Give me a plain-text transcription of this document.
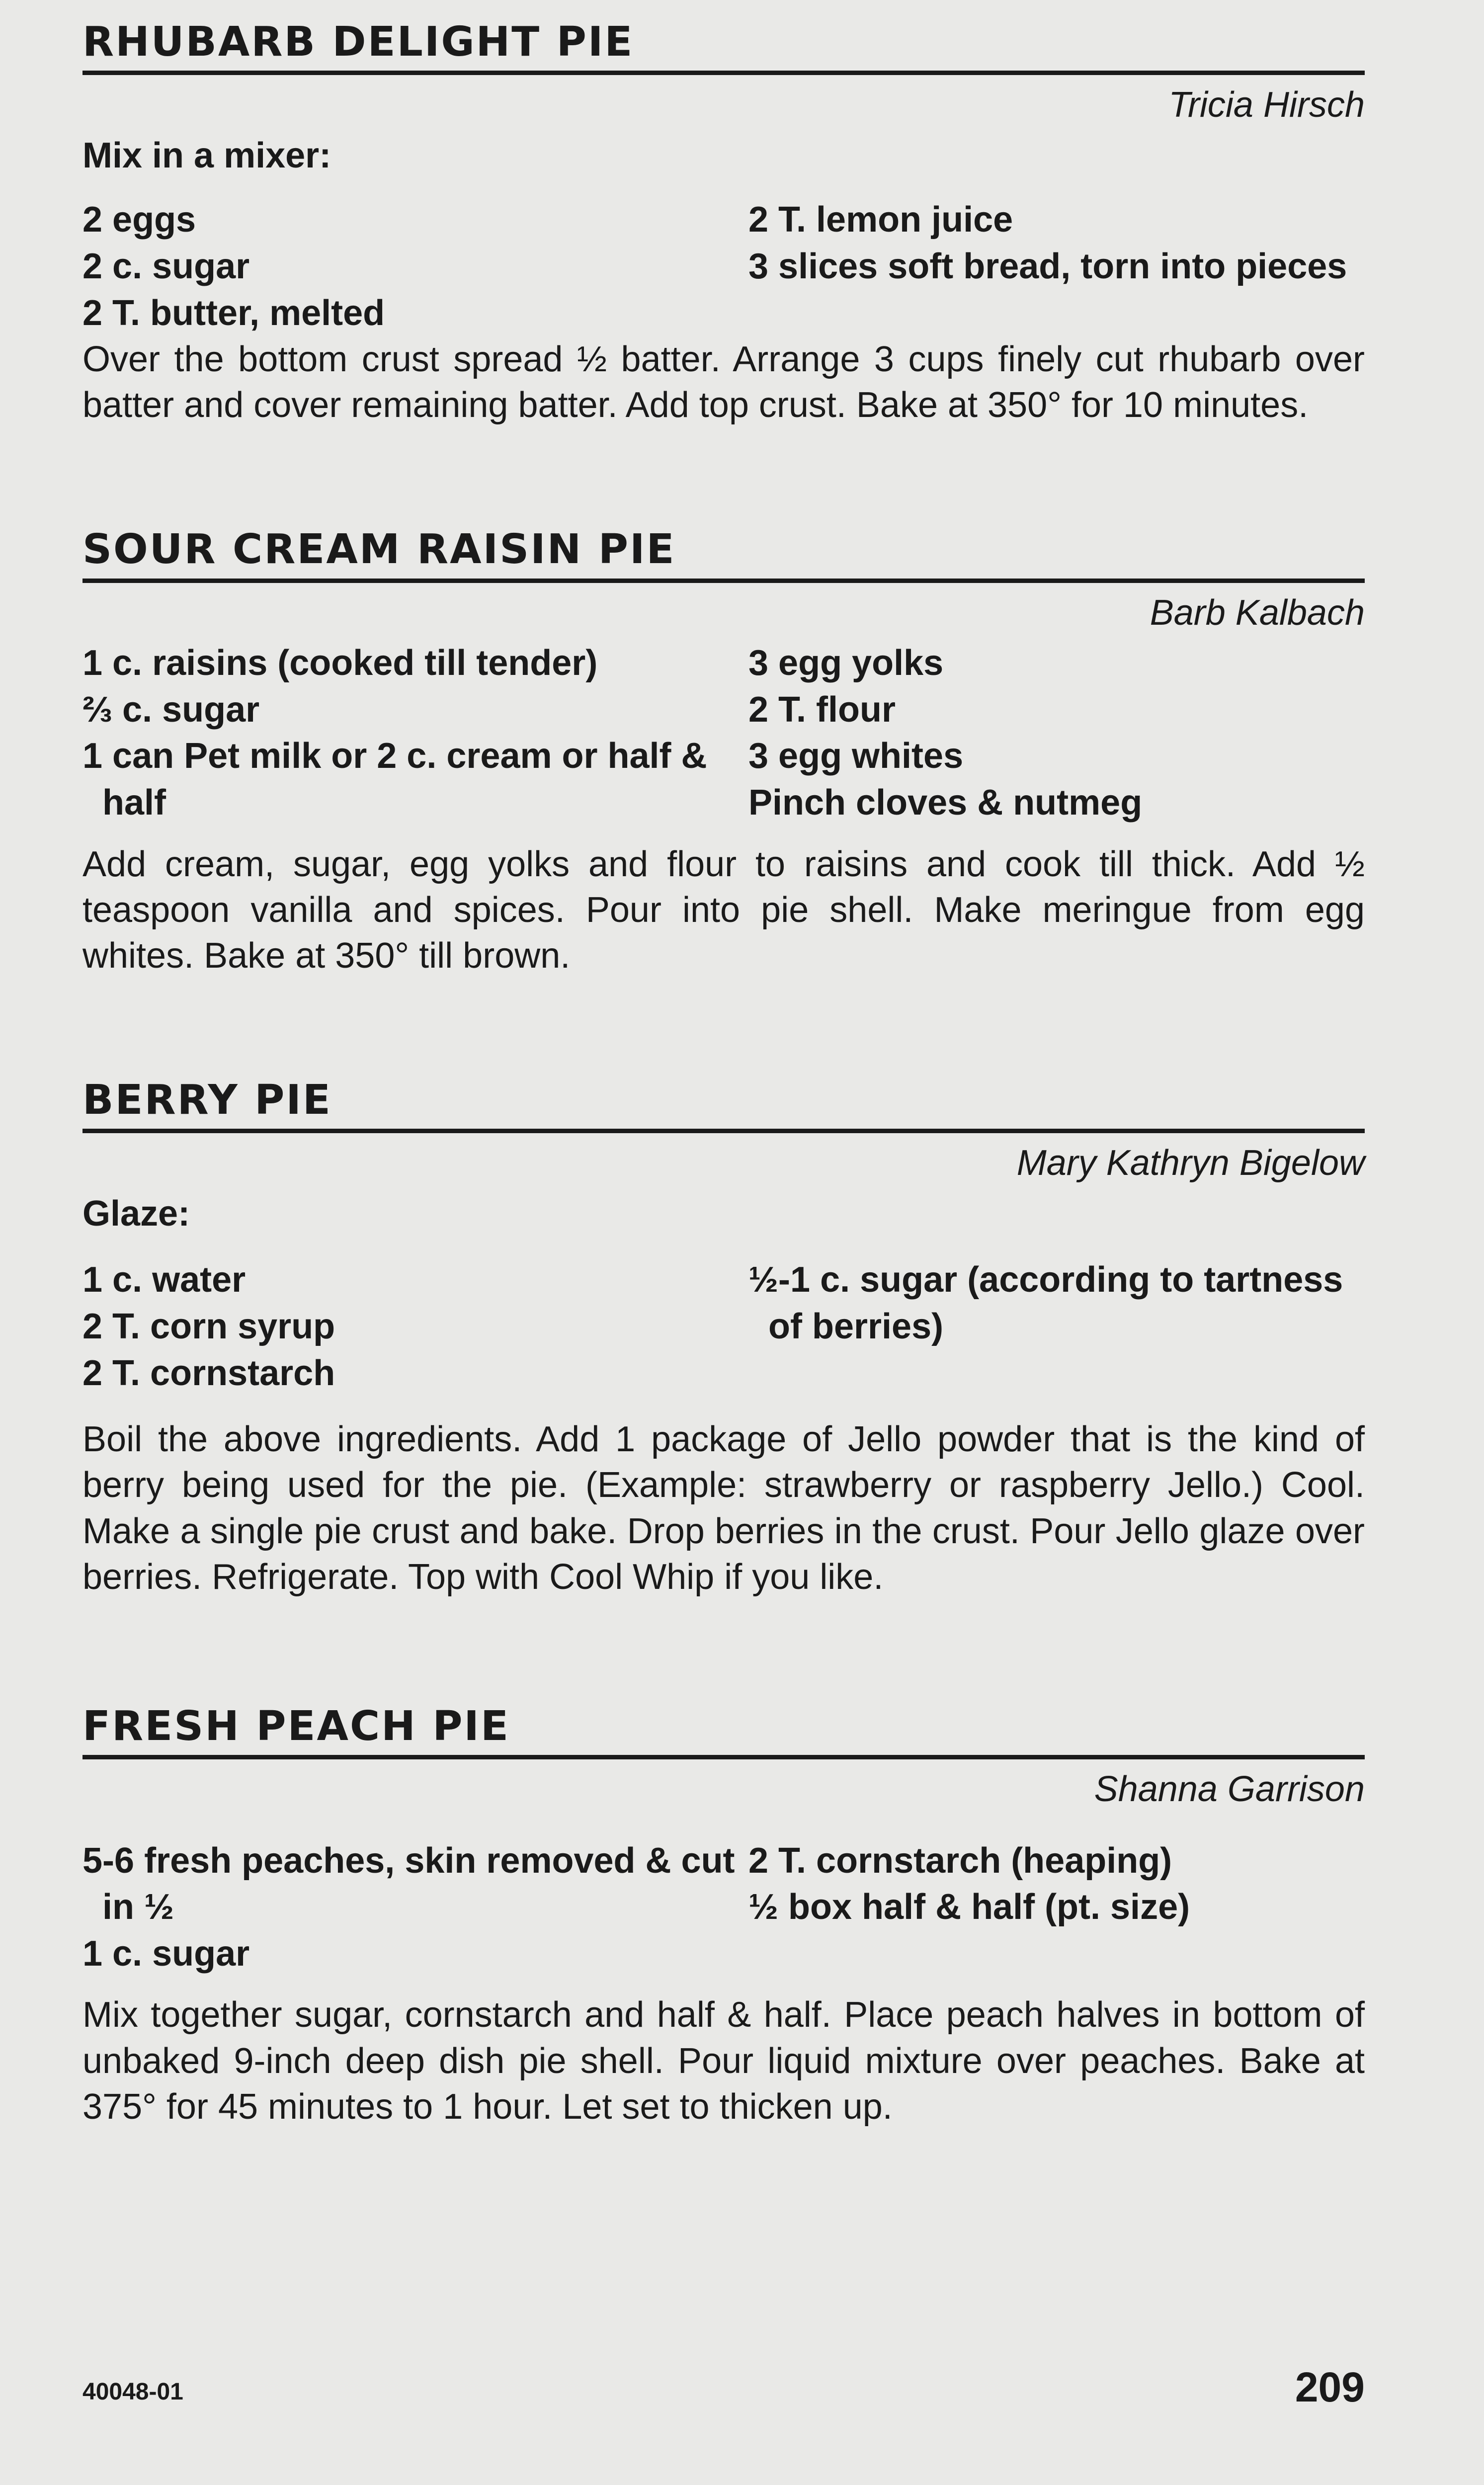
RHUBARB DELIGHT PIE
Tricia Hirsch
Mix in a mixer:
2 eggs
2 c. sugar
2 T. butter, melted
2 T. lemon juice
3 slices soft bread, torn into pieces

Over the bottom crust spread ½ batter. Arrange 3 cups finely cut rhubarb over batter and cover remaining batter. Add top crust. Bake at 350° for 10 minutes.

SOUR CREAM RAISIN PIE
Barb Kalbach
1 c. raisins (cooked till tender)
⅔ c. sugar
1 can Pet milk or 2 c. cream or half & half
3 egg yolks
2 T. flour
3 egg whites
Pinch cloves & nutmeg

Add cream, sugar, egg yolks and flour to raisins and cook till thick. Add ½ teaspoon vanilla and spices. Pour into pie shell. Make meringue from egg whites. Bake at 350° till brown.

BERRY PIE
Mary Kathryn Bigelow
Glaze:
1 c. water
2 T. corn syrup
2 T. cornstarch
½-1 c. sugar (according to tartness of berries)

Boil the above ingredients. Add 1 package of Jello powder that is the kind of berry being used for the pie. (Example: strawberry or raspberry Jello.) Cool. Make a single pie crust and bake. Drop berries in the crust. Pour Jello glaze over berries. Refrigerate. Top with Cool Whip if you like.

FRESH PEACH PIE
Shanna Garrison
5-6 fresh peaches, skin removed & cut in ½
1 c. sugar
2 T. cornstarch (heaping)
½ box half & half (pt. size)

Mix together sugar, cornstarch and half & half. Place peach halves in bottom of unbaked 9-inch deep dish pie shell. Pour liquid mixture over peaches. Bake at 375° for 45 minutes to 1 hour. Let set to thicken up.

40048-01	209
